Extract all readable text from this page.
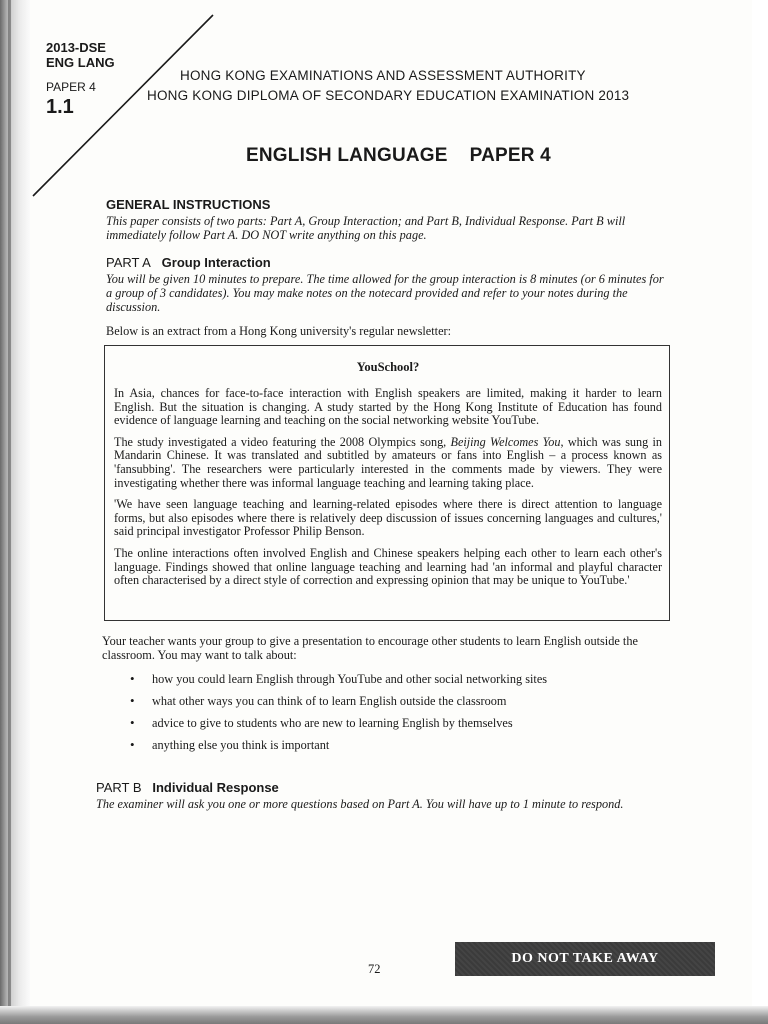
2013-DSE
ENG LANG
PAPER 4
1.1
HONG KONG EXAMINATIONS AND ASSESSMENT AUTHORITY
HONG KONG DIPLOMA OF SECONDARY EDUCATION EXAMINATION 2013
ENGLISH LANGUAGE PAPER 4
GENERAL INSTRUCTIONS
This paper consists of two parts: Part A, Group Interaction; and Part B, Individual Response. Part B will immediately follow Part A. DO NOT write anything on this page.
PART A Group Interaction
You will be given 10 minutes to prepare. The time allowed for the group interaction is 8 minutes (or 6 minutes for a group of 3 candidates). You may make notes on the notecard provided and refer to your notes during the discussion.
Below is an extract from a Hong Kong university's regular newsletter:
YouSchool?

In Asia, chances for face-to-face interaction with English speakers are limited, making it harder to learn English. But the situation is changing. A study started by the Hong Kong Institute of Education has found evidence of language learning and teaching on the social networking website YouTube.

The study investigated a video featuring the 2008 Olympics song, Beijing Welcomes You, which was sung in Mandarin Chinese. It was translated and subtitled by amateurs or fans into English – a process known as 'fansubbing'. The researchers were particularly interested in the comments made by viewers. They were investigating whether there was informal language teaching and learning taking place.

'We have seen language teaching and learning-related episodes where there is direct attention to language forms, but also episodes where there is relatively deep discussion of issues concerning languages and cultures,' said principal investigator Professor Philip Benson.

The online interactions often involved English and Chinese speakers helping each other to learn each other's language. Findings showed that online language teaching and learning had 'an informal and playful character often characterised by a direct style of correction and expressing opinion that may be unique to YouTube.'

Your teacher wants your group to give a presentation to encourage other students to learn English outside the classroom. You may want to talk about:
• how you could learn English through YouTube and other social networking sites
• what other ways you can think of to learn English outside the classroom
• advice to give to students who are new to learning English by themselves
• anything else you think is important
PART B Individual Response
The examiner will ask you one or more questions based on Part A. You will have up to 1 minute to respond.
72
DO NOT TAKE AWAY
